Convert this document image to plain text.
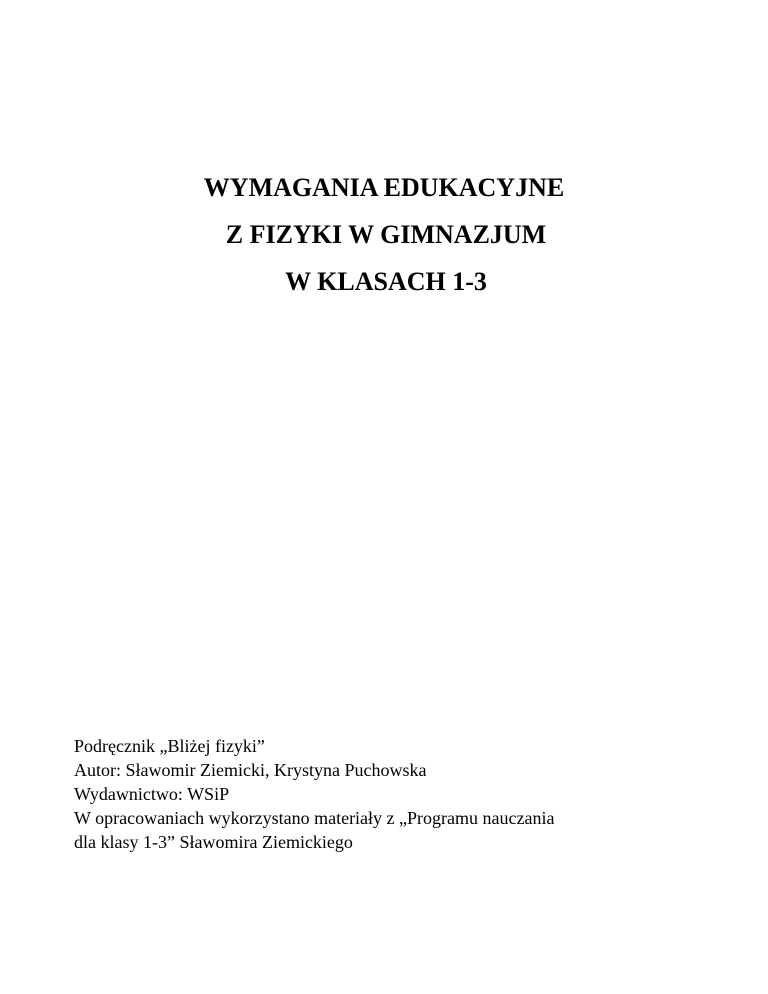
WYMAGANIA EDUKACYJNE
Z FIZYKI W GIMNAZJUM
W KLASACH 1-3
Podręcznik „Bliżej fizyki”
Autor: Sławomir Ziemicki, Krystyna Puchowska
Wydawnictwo: WSiP
W opracowaniach wykorzystano materiały z „Programu nauczania
dla klasy 1-3” Sławomira Ziemickiego
